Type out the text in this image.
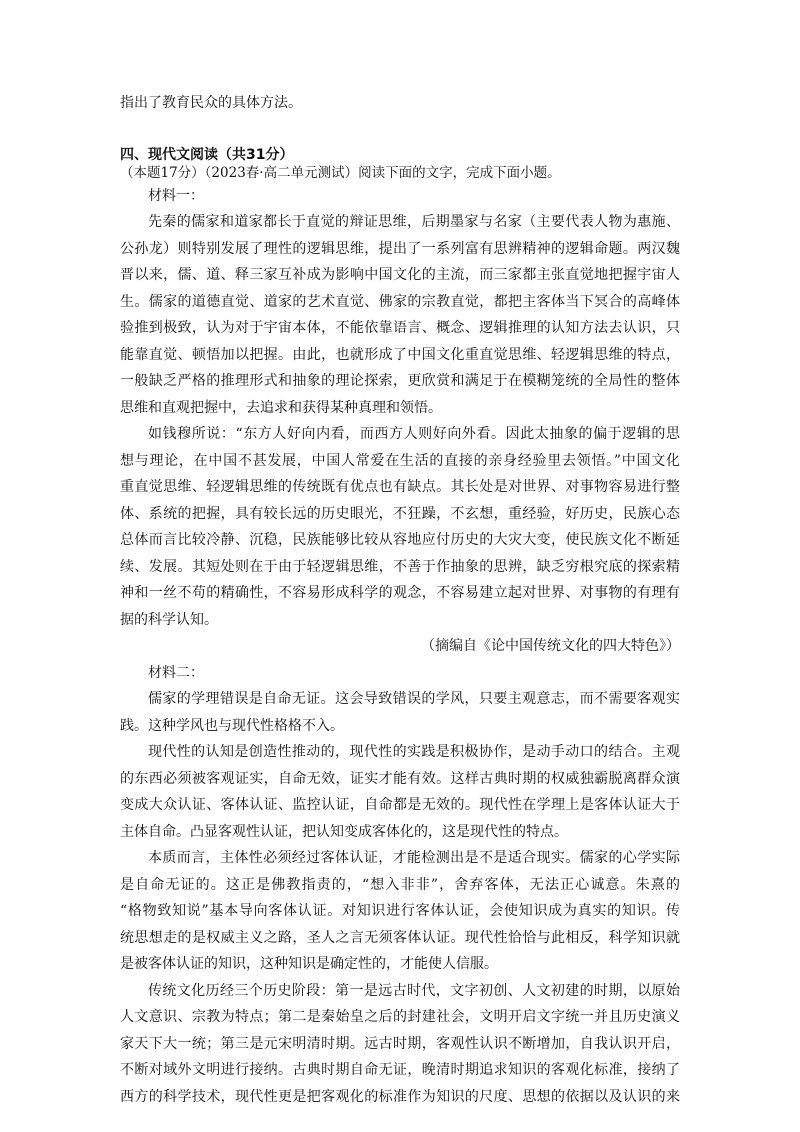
指出了教育民众的具体方法。
四、现代文阅读（共31分）
（本题17分）（2023春·高二单元测试）阅读下面的文字，完成下面小题。
材料一：
先秦的儒家和道家都长于直觉的辩证思维，后期墨家与名家（主要代表人物为惠施、
公孙龙）则特别发展了理性的逻辑思维，提出了一系列富有思辨精神的逻辑命题。两汉魏
晋以来，儒、道、释三家互补成为影响中国文化的主流，而三家都主张直觉地把握宇宙人
生。儒家的道德直觉、道家的艺术直觉、佛家的宗教直觉，都把主客体当下冥合的高峰体
验推到极致，认为对于宇宙本体，不能依靠语言、概念、逻辑推理的认知方法去认识，只
能靠直觉、顿悟加以把握。由此，也就形成了中国文化重直觉思维、轻逻辑思维的特点，
一般缺乏严格的推理形式和抽象的理论探索，更欣赏和满足于在模糊笼统的全局性的整体
思维和直观把握中，去追求和获得某种真理和领悟。
如钱穆所说：“东方人好向内看，而西方人则好向外看。因此太抽象的偏于逻辑的思
想与理论，在中国不甚发展，中国人常爱在生活的直接的亲身经验里去领悟。”中国文化
重直觉思维、轻逻辑思维的传统既有优点也有缺点。其长处是对世界、对事物容易进行整
体、系统的把握，具有较长远的历史眼光，不狂躁，不玄想，重经验，好历史，民族心态
总体而言比较冷静、沉稳，民族能够比较从容地应付历史的大灾大变，使民族文化不断延
续、发展。其短处则在于由于轻逻辑思维，不善于作抽象的思辨，缺乏穷根究底的探索精
神和一丝不苟的精确性，不容易形成科学的观念，不容易建立起对世界、对事物的有理有
据的科学认知。
（摘编自《论中国传统文化的四大特色》）
材料二：
儒家的学理错误是自命无证。这会导致错误的学风，只要主观意志，而不需要客观实
践。这种学风也与现代性格格不入。
现代性的认知是创造性推动的，现代性的实践是积极协作，是动手动口的结合。主观
的东西必须被客观证实，自命无效，证实才能有效。这样古典时期的权威独霸脱离群众演
变成大众认证、客体认证、监控认证，自命都是无效的。现代性在学理上是客体认证大于
主体自命。凸显客观性认证，把认知变成客体化的，这是现代性的特点。
本质而言，主体性必须经过客体认证，才能检测出是不是适合现实。儒家的心学实际
是自命无证的。这正是佛教指责的，“想入非非”，舍弃客体，无法正心诚意。朱熹的
“格物致知说”基本导向客体认证。对知识进行客体认证，会使知识成为真实的知识。传
统思想走的是权威主义之路，圣人之言无须客体认证。现代性恰恰与此相反，科学知识就
是被客体认证的知识，这种知识是确定性的，才能使人信服。
传统文化历经三个历史阶段：第一是远古时代，文字初创、人文初建的时期，以原始
人文意识、宗教为特点；第二是秦始皇之后的封建社会，文明开启文字统一并且历史演义
家天下大一统；第三是元宋明清时期。远古时期，客观性认识不断增加，自我认识开启，
不断对域外文明进行接纳。古典时期自命无证，晚清时期追求知识的客观化标准，接纳了
西方的科学技术，现代性更是把客观化的标准作为知识的尺度、思想的依据以及认识的来
